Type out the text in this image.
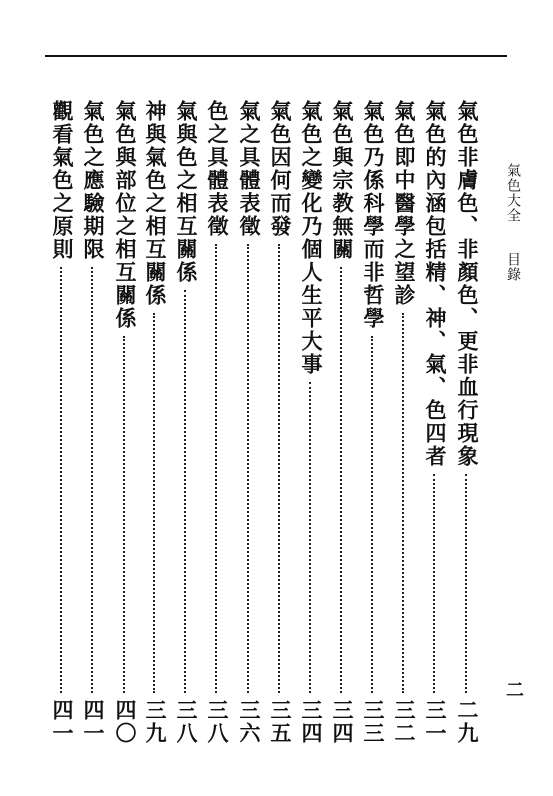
氣色大全
目錄
二
氣色非膚色、非顏色、更非血行現象
二九
氣色的內涵包括精、神、氣、色四者
三一
氣色即中醫學之望診
三二
氣色乃係科學而非哲學
三三
氣色與宗教無關
三四
氣色之變化乃個人生平大事
三四
氣色因何而發
三五
氣之具體表徵
三六
色之具體表徵
三八
氣與色之相互關係
三八
神與氣色之相互關係
三九
氣色與部位之相互關係
四〇
氣色之應驗期限
四一
觀看氣色之原則
四一
